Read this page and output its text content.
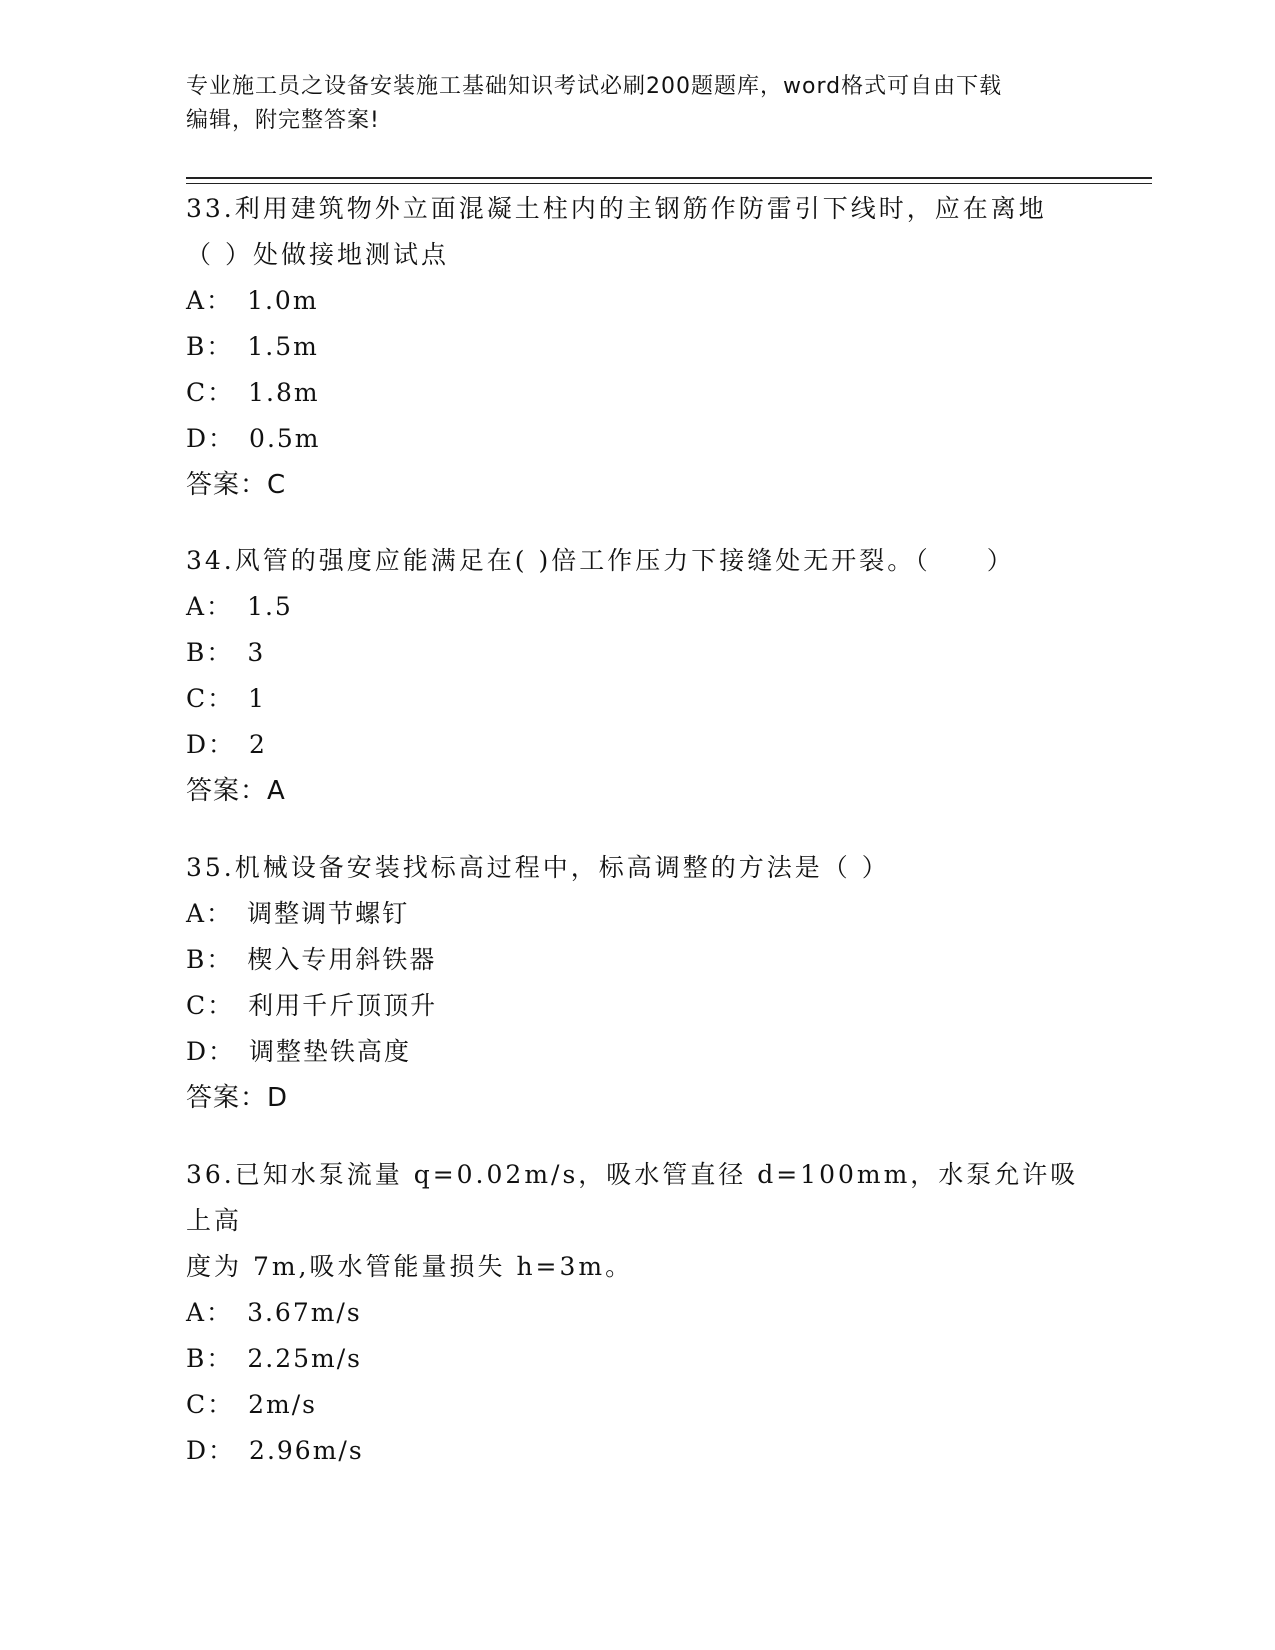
专业施工员之设备安装施工基础知识考试必刷200题题库，word格式可自由下载
编辑，附完整答案!

33.利用建筑物外立面混凝土柱内的主钢筋作防雷引下线时，应在离地

（ ）处做接地测试点

A： 1.0m
B： 1.5m
C： 1.8m
D： 0.5m
答案：C

34.风管的强度应能满足在( )倍工作压力下接缝处无开裂。（　　）

A： 1.5
B： 3
C： 1
D： 2
答案：A

35.机械设备安装找标高过程中，标高调整的方法是（ ）

A： 调整调节螺钉
B： 楔入专用斜铁器
C： 利用千斤顶顶升
D： 调整垫铁高度
答案：D

36.已知水泵流量 q=0.02m/s，吸水管直径 d=100mm，水泵允许吸上高

度为 7m,吸水管能量损失 h=3m。

A： 3.67m/s
B： 2.25m/s
C： 2m/s
D： 2.96m/s
